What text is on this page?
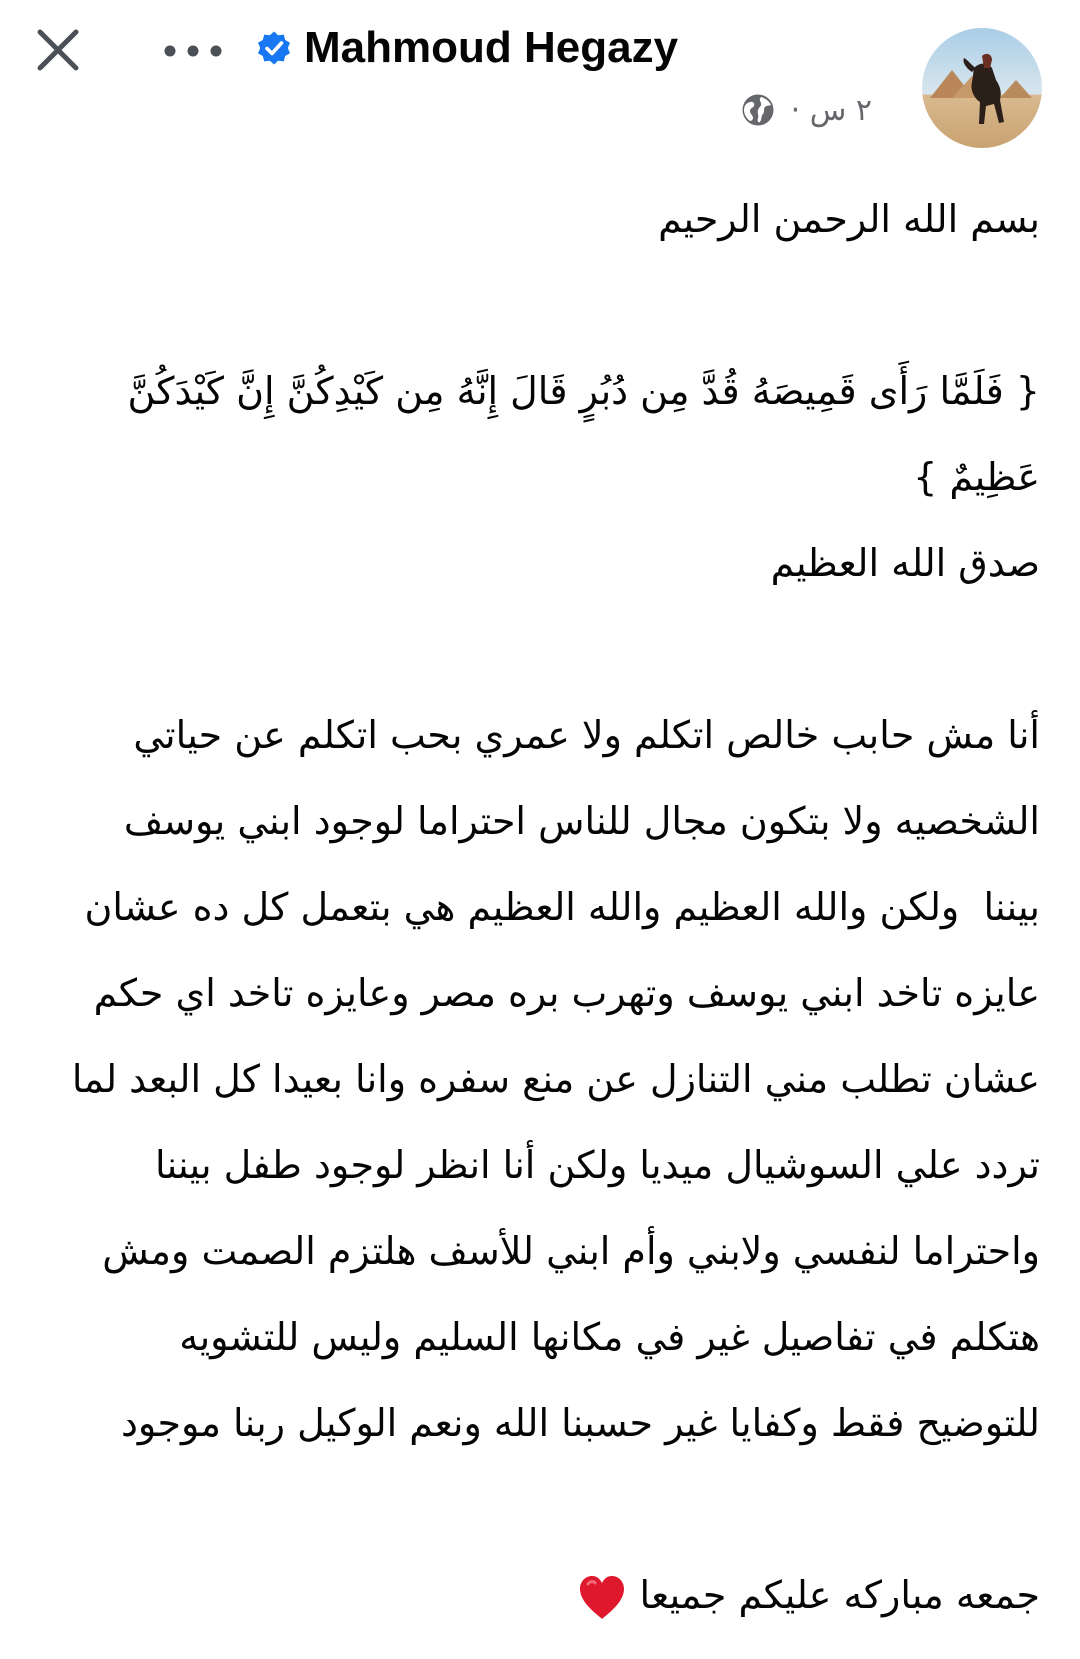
Mahmoud Hegazy
٢ س ·

بسم الله الرحمن الرحيم

{ فَلَمَّا رَأَى قَمِيصَهُ قُدَّ مِن دُبُرٍ قَالَ إِنَّهُ مِن كَيْدِكُنَّ إِنَّ كَيْدَكُنَّ عَظِيمٌ }

صدق الله العظيم

أنا مش حابب خالص اتكلم ولا عمري بحب اتكلم عن حياتي الشخصيه ولا بتكون مجال للناس احتراما لوجود ابني يوسف بيننا  ولكن والله العظيم والله العظيم هي بتعمل كل ده عشان عايزه تاخد ابني يوسف وتهرب بره مصر وعايزه تاخد اي حكم عشان تطلب مني التنازل عن منع سفره وانا بعيدا كل البعد لما تردد علي السوشيال ميديا ولكن أنا انظر لوجود طفل بيننا واحتراما لنفسي ولابني وأم ابني للأسف هلتزم الصمت ومش هتكلم في تفاصيل غير في مكانها السليم وليس للتشويه للتوضيح فقط وكفايا غير حسبنا الله ونعم الوكيل ربنا موجود

جمعه مباركه عليكم جميعا
